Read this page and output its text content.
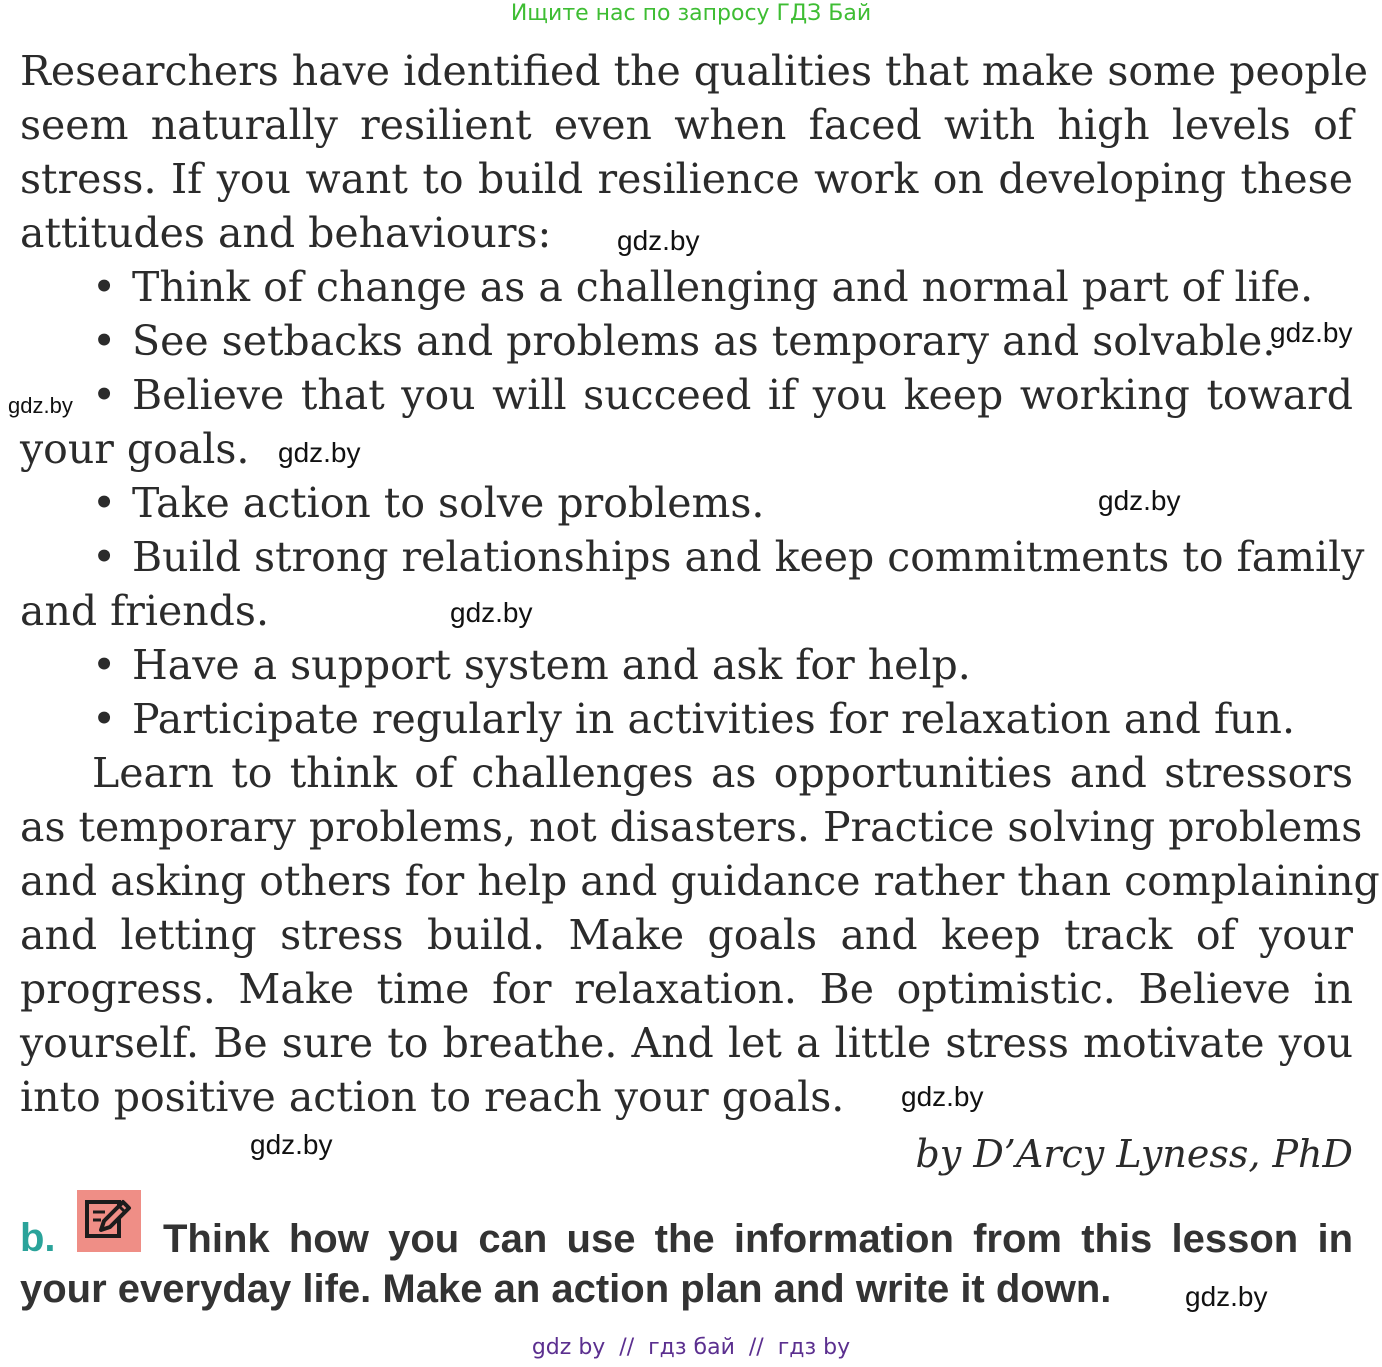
Ищите нас по запросу ГДЗ Бай
Researchers have identified the qualities that make some people
seem naturally resilient even when faced with high levels of
stress. If you want to build resilience work on developing these
attitudes and behaviours:
• Think of change as a challenging and normal part of life.
• See setbacks and problems as temporary and solvable.
• Believe that you will succeed if you keep working toward
your goals.
• Take action to solve problems.
• Build strong relationships and keep commitments to family
and friends.
• Have a support system and ask for help.
• Participate regularly in activities for relaxation and fun.
Learn to think of challenges as opportunities and stressors
as temporary problems, not disasters. Practice solving problems
and asking others for help and guidance rather than complaining
and letting stress build. Make goals and keep track of your
progress. Make time for relaxation. Be optimistic. Believe in
yourself. Be sure to breathe. And let a little stress motivate you
into positive action to reach your goals.
by D’Arcy Lyness, PhD
b.	Think how you can use the information from this lesson in
your everyday life. Make an action plan and write it down.
gdz.by
gdz.by
gdz.by
gdz.by
gdz.by
gdz.by
gdz.by
gdz.by
gdz.by
gdz by  //  гдз бай  //  гдз by
